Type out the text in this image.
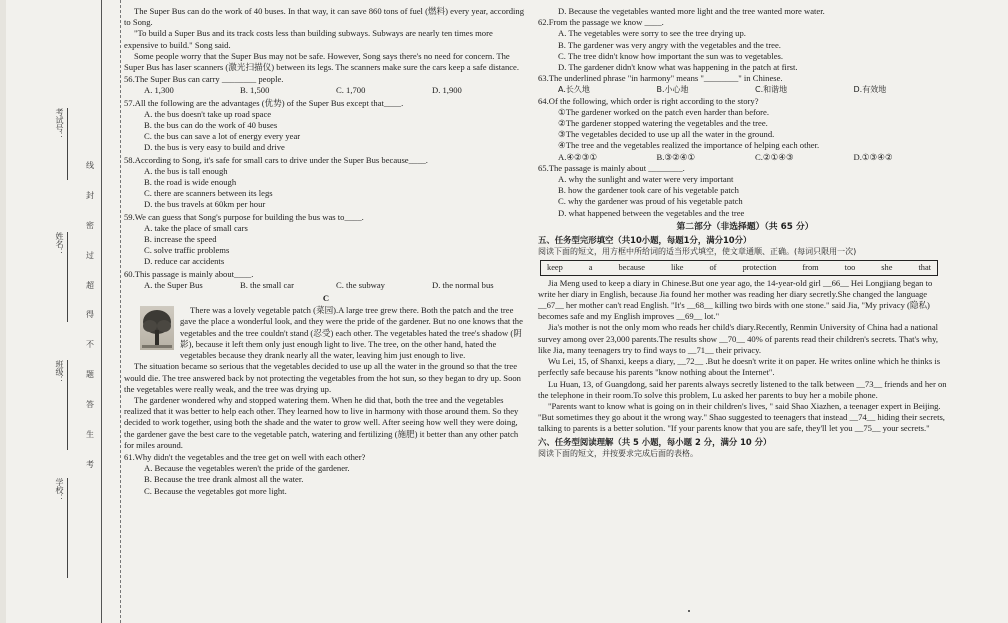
考试号：
姓名：
班级：
学校：
线
封
密
过
超
得
不
题
答
生
考

The Super Bus can do the work of 40 buses. In that way, it can save 860 tons of fuel (燃料) every year, according to Song.

"To build a Super Bus and its track costs less than building subways. Subways are nearly ten times more expensive to build." Song said.

Some people worry that the Super Bus may not be safe. However, Song says there's no need for concern. The Super Bus has laser scanners (激光扫描仪) between its legs. The scanners make sure the cars keep a safe distance.

56.The Super Bus can carry ________ people.

A. 1,300	B. 1,500	C. 1,700	D. 1,900

57.All the following are the advantages (优势) of the Super Bus except that____.

A. the bus doesn't take up road space

B. the bus can do the work of 40 buses

C. the bus can save a lot of energy every year

D. the bus is very easy to build and drive

58.According to Song, it's safe for small cars to drive under the Super Bus because____.

A. the bus is tall enough

B. the road is wide enough

C. there are scanners between its legs

D. the bus travels at 60km per hour

59.We can guess that Song's purpose for building the bus was to____.

A. take the place of small cars

B. increase the speed

C. solve traffic problems

D. reduce car accidents

60.This passage is mainly about____.

A. the Super Bus	B. the small car	C. the subway	D. the normal bus

C

There was a lovely vegetable patch (菜园).A large tree grew there. Both the patch and the tree gave the place a wonderful look, and they were the pride of the gardener. But no one knows that the vegetables and the tree couldn't stand (忍受) each other. The vegetables hated the tree's shadow (阴影), because it left them only just enough light to live. The tree, on the other hand, hated the vegetables because they drank nearly all the water, leaving him just enough to live.

The situation became so serious that the vegetables decided to use up all the water in the ground so that the tree would die. The tree answered back by not protecting the vegetables from the hot sun, so they began to dry up. Soon the vegetables were really weak, and the tree was drying up.

The gardener wondered why and stopped watering them. When he did that, both the tree and the vegetables realized that it was better to help each other. They learned how to live in harmony with those around them. So they decided to work together, using both the shade and the water to grow well. After seeing how well they were doing, the gardener gave the best care to the vegetable patch, watering and fertilizing (施肥) it better than any other patch for miles around.

61.Why didn't the vegetables and the tree get on well with each other?

A. Because the vegetables weren't the pride of the gardener.

B. Because the tree drank almost all the water.

C. Because the vegetables got more light.

D. Because the vegetables wanted more light and the tree wanted more water.

62.From the passage we know ____.

A. The vegetables were sorry to see the tree drying up.

B. The gardener was very angry with the vegetables and the tree.

C. The tree didn't know how important the sun was to vegetables.

D. The gardener didn't know what was happening in the patch at first.

63.The underlined phrase "in harmony" means "________" in Chinese.

A.长久地	B.小心地	C.和谐地	D.有效地

64.Of the following, which order is right according to the story?

①The gardener worked on the patch even harder than before.

②The gardener stopped watering the vegetables and the tree.

③The vegetables decided to use up all the water in the ground.

④The tree and the vegetables realized the importance of helping each other.

A.④②③①	B.③②④①	C.②①④③	D.①③④②

65.The passage is mainly about ________.

A. why the sunlight and water were very important

B. how the gardener took care of his vegetable patch

C. why the gardener was proud of his vegetable patch

D. what happened between the vegetables and the tree

第二部分（非选择题）（共 65 分）

五、任务型完形填空（共10小题，每题1分，满分10分）

阅读下面的短文，用方框中所给词的适当形式填空，使文章通顺、正确。(每词只限用一次)

keep	a	because	like	of	protection	from	too	she	that

Jia Meng used to keep a diary in Chinese.But one year ago, the 14-year-old girl __66__ Hei Longjiang began to write her diary in English, because Jia found her mother was reading her diary secretly.She changed the language __67__ her mother can't read English. "It's __68__ killing two birds with one stone." said Jia, "My privacy (隐私) becomes safe and my English improves __69__ lot."

Jia's mother is not the only mom who reads her child's diary.Recently, Renmin University of China had a national survey among over 23,000 parents.The results show __70__ 40% of parents read their children's secrets. That's why, like Jia, many teenagers try to find ways to __71__ their privacy.

Wu Lei, 15, of Shanxi, keeps a diary, __72__ .But he doesn't write it on paper. He writes online which he thinks is perfectly safe because his parents "know nothing about the Internet".

Lu Huan, 13, of Guangdong, said her parents always secretly listened to the talk between __73__ friends and her on the telephone in their room.To solve this problem, Lu asked her parents to buy her a mobile phone.

"Parents want to know what is going on in their children's lives, " said Shao Xiazhen, a teenager expert in Beijing. "But sometimes they go about it the wrong way." Shao suggested to teenagers that instead __74__ hiding their secrets, talking to parents is a better solution. "If your parents know that you are safe, they'll let you __75__ your secrets."

六、任务型阅读理解（共 5 小题，每小题 2 分，满分 10 分）

阅读下面的短文，并按要求完成后面的表格。
